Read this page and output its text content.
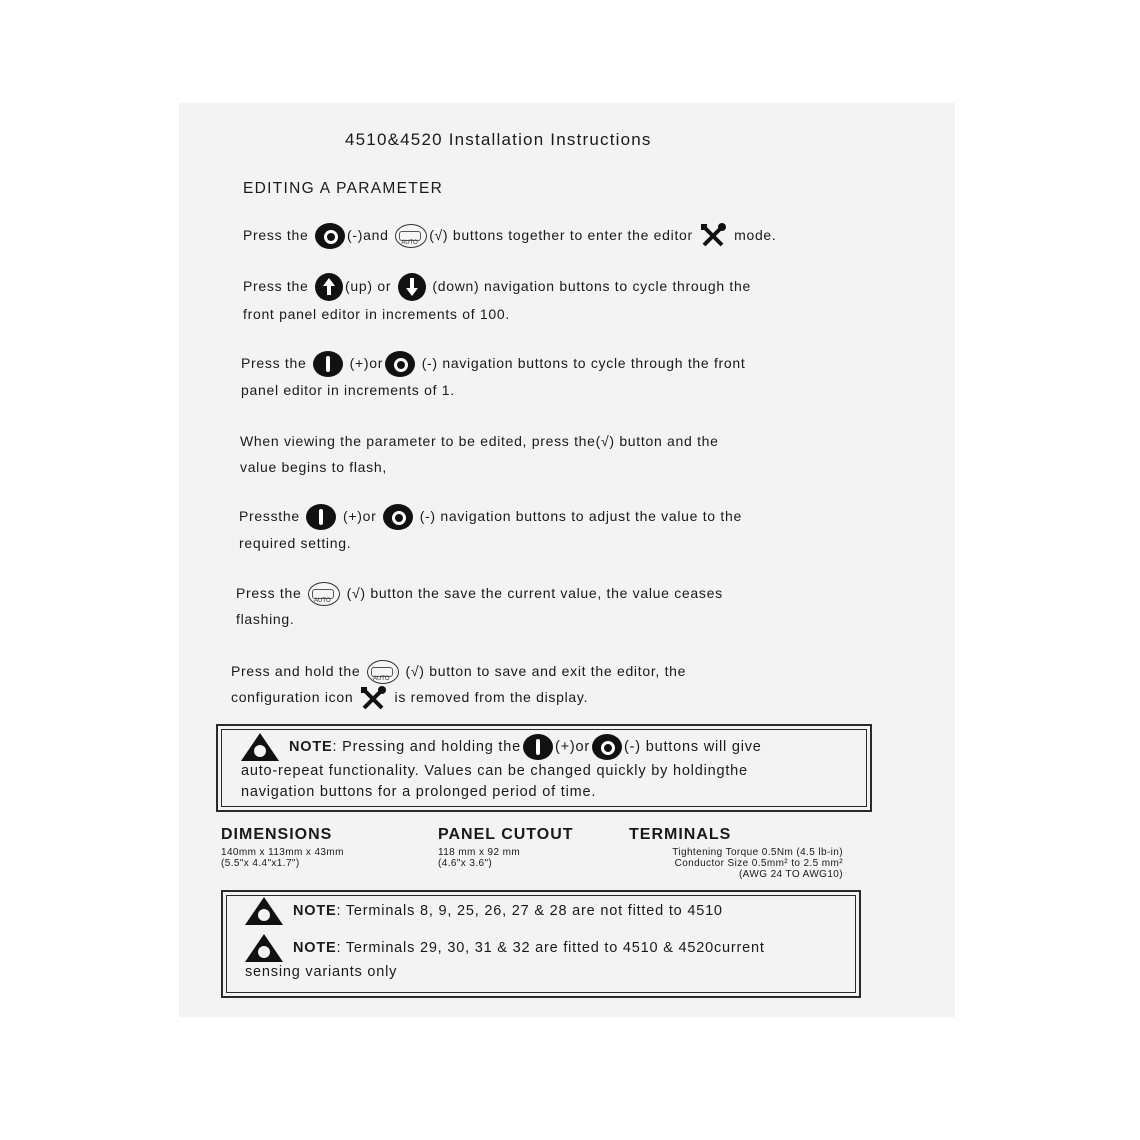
4510&4520 Installation Instructions
EDITING A PARAMETER
Press the	(-)and
AUTO
(√) buttons together to enter the editor	mode.
Press the	(up) or	(down) navigation buttons to cycle through the
front panel editor in increments of 100.
Press the	(+)or	(-) navigation buttons to cycle through the front
panel editor in increments of 1.
When viewing the parameter to be edited, press the(√) button and the
value begins to flash,
Pressthe	(+)or	(-) navigation buttons to adjust the value to the
required setting.
Press the
AUTO
(√) button the save the current value, the value ceases
flashing.
Press and hold the
AUTO
(√) button to save and exit the editor, the
configuration icon	is removed from the display.
NOTE: Pressing and holding the (+)or (-) buttons will give
auto-repeat functionality. Values can be changed quickly by holdingthe
navigation buttons for a prolonged period of time.
DIMENSIONS
140mm x 113mm x 43mm
(5.5"x 4.4"x1.7")
PANEL CUTOUT
118 mm x 92 mm
(4.6"x 3.6")
TERMINALS
Tightening Torque 0.5Nm (4.5 lb-in)
Conductor Size 0.5mm² to 2.5 mm²
(AWG 24 TO AWG10)
NOTE: Terminals 8, 9, 25, 26, 27 & 28 are not fitted to 4510
NOTE: Terminals 29, 30, 31 & 32 are fitted to 4510 & 4520current
sensing variants only
